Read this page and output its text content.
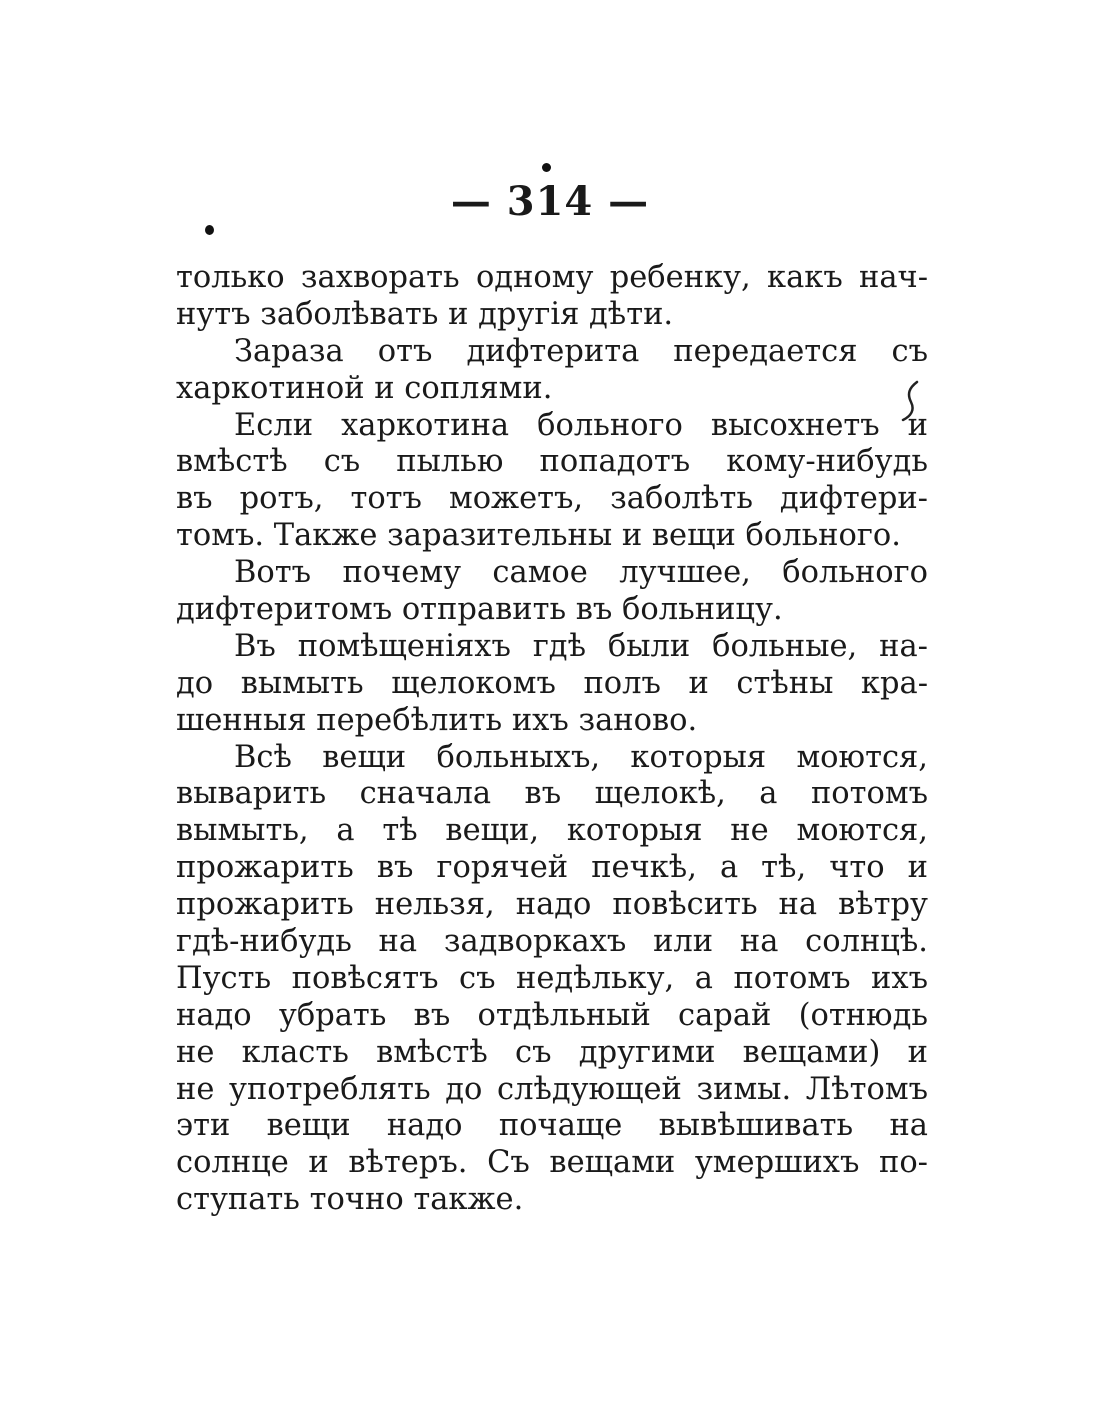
— 314 —
только захворать одному ребенку, какъ нач-
нутъ заболѣвать и другія дѣти.
Зараза отъ дифтерита передается съ
харкотиной и соплями.
Если харкотина больного высохнетъ и
вмѣстѣ съ пылью попадотъ кому-нибудь
въ ротъ, тотъ можетъ, заболѣть дифтери-
томъ. Также заразительны и вещи больного.
Вотъ почему самое лучшее, больного
дифтеритомъ отправить въ больницу.
Въ помѣщеніяхъ гдѣ были больные, на-
до вымыть щелокомъ полъ и стѣны кра-
шенныя перебѣлить ихъ заново.
Всѣ вещи больныхъ, которыя моются,
выварить сначала въ щелокѣ, а потомъ
вымыть, а тѣ вещи, которыя не моются,
прожарить въ горячей печкѣ, а тѣ, что и
прожарить нельзя, надо повѣсить на вѣтру
гдѣ-нибудь на задворкахъ или на солнцѣ.
Пусть повѣсятъ съ недѣльку, а потомъ ихъ
надо убрать въ отдѣльный сарай (отнюдь
не класть вмѣстѣ съ другими вещами) и
не употреблять до слѣдующей зимы. Лѣтомъ
эти вещи надо почаще вывѣшивать на
солнце и вѣтеръ. Съ вещами умершихъ по-
ступать точно также.
